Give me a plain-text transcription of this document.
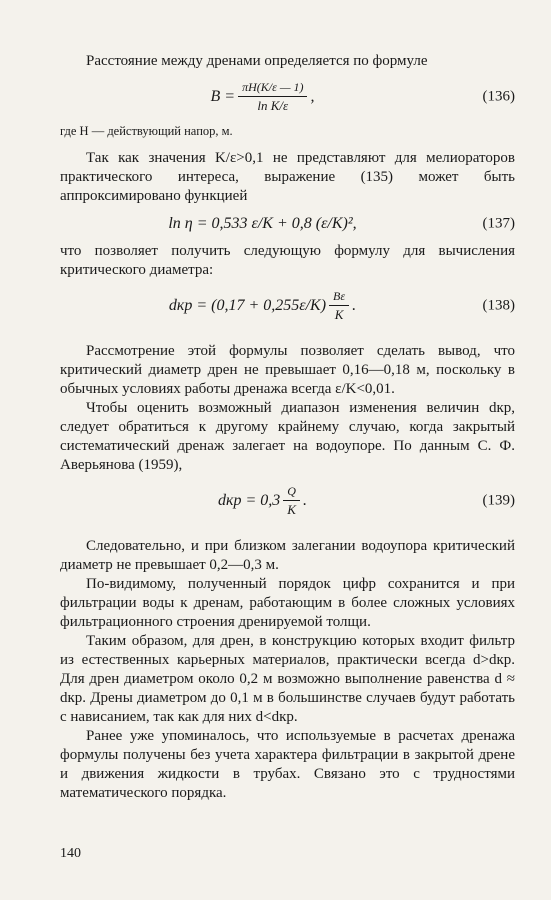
Расстояние между дренами определяется по формуле

$B = \frac{\pi H(K/\varepsilon — 1)}{\text{ln K/ε}}$ ,	(136)

где H — действующий напор, м.

Так как значения K/ε>0,1 не представляют для мелиораторов практического интереса, выражение (135) может быть аппроксимировано функцией

ln η = 0,533 ε/K + 0,8 (ε/K)²,	(137)

что позволяет получить следующую формулу для вычисления критического диаметра:

dкр = $(0,17 + 0,255\varepsilon/K) \frac{B\varepsilon}{K}$ .	(138)

Рассмотрение этой формулы позволяет сделать вывод, что критический диаметр дрен не превышает 0,16—0,18 м, поскольку в обычных условиях работы дренажа всегда ε/K<0,01.

Чтобы оценить возможный диапазон изменения величин dкр, следует обратиться к другому крайнему случаю, когда закрытый систематический дренаж залегает на водоупоре. По данным С. Ф. Аверьянова (1959),

dкр = $0,3 \frac{Q}{K}$ .	(139)

Следовательно, и при близком залегании водоупора критический диаметр не превышает 0,2—0,3 м.

По-видимому, полученный порядок цифр сохранится и при фильтрации воды к дренам, работающим в более сложных условиях фильтрационного строения дренируемой толщи.

Таким образом, для дрен, в конструкцию которых входит фильтр из естественных карьерных материалов, практически всегда d>dкр. Для дрен диаметром около 0,2 м возможно выполнение равенства d ≈ dкр. Дрены диаметром до 0,1 м в большинстве случаев будут работать с нависанием, так как для них d<dкр.

Ранее уже упоминалось, что используемые в расчетах дренажа формулы получены без учета характера фильтрации в закрытой дрене и движения жидкости в трубах. Связано это с трудностями математического порядка.

140
